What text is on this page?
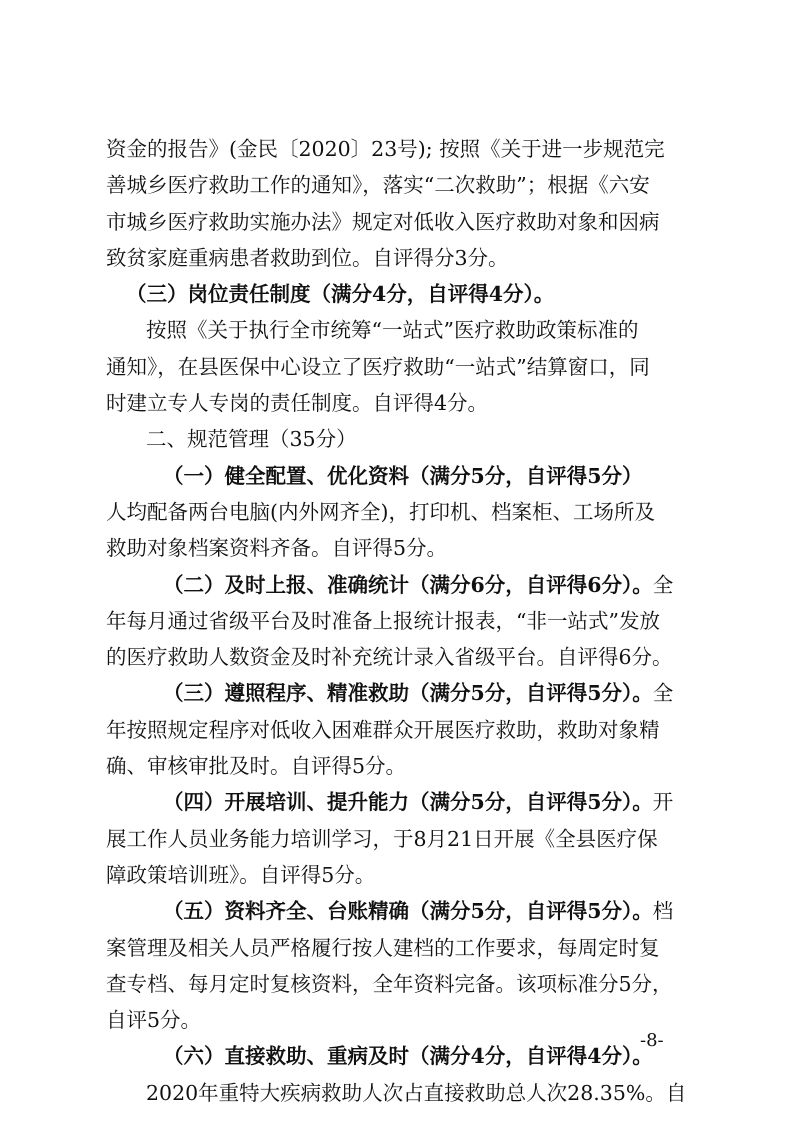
资金的报告》(金民〔2020〕23号); 按照《关于进一步规范完
善城乡医疗救助工作的通知》，落实“二次救助”；根据《六安
市城乡医疗救助实施办法》规定对低收入医疗救助对象和因病
致贫家庭重病患者救助到位。自评得分3分。
（三）岗位责任制度（满分4分，自评得4分）。
按照《关于执行全市统筹“一站式”医疗救助政策标准的
通知》，在县医保中心设立了医疗救助“一站式”结算窗口，同
时建立专人专岗的责任制度。自评得4分。
二、规范管理（35分）
（一）健全配置、优化资料（满分5分，自评得5分）
人均配备两台电脑(内外网齐全)，打印机、档案柜、工场所及
救助对象档案资料齐备。自评得5分。
（二）及时上报、准确统计（满分6分，自评得6分）。 全
年每月通过省级平台及时准备上报统计报表，“非一站式”发放
的医疗救助人数资金及时补充统计录入省级平台。自评得6分。
（三）遵照程序、精准救助（满分5分，自评得5分）。 全
年按照规定程序对低收入困难群众开展医疗救助，救助对象精
确、审核审批及时。自评得5分。
（四）开展培训、提升能力（满分5分，自评得5分）。 开
展工作人员业务能力培训学习，于8月21日开展《全县医疗保
障政策培训班》。自评得5分。
（五）资料齐全、台账精确（满分5分，自评得5分）。 档
案管理及相关人员严格履行按人建档的工作要求，每周定时复
查专档、每月定时复核资料，全年资料完备。该项标准分5分，
自评5分。
（六）直接救助、重病及时（满分4分，自评得4分）。
2020年重特大疾病救助人次占直接救助总人次28.35%。自
-8-
